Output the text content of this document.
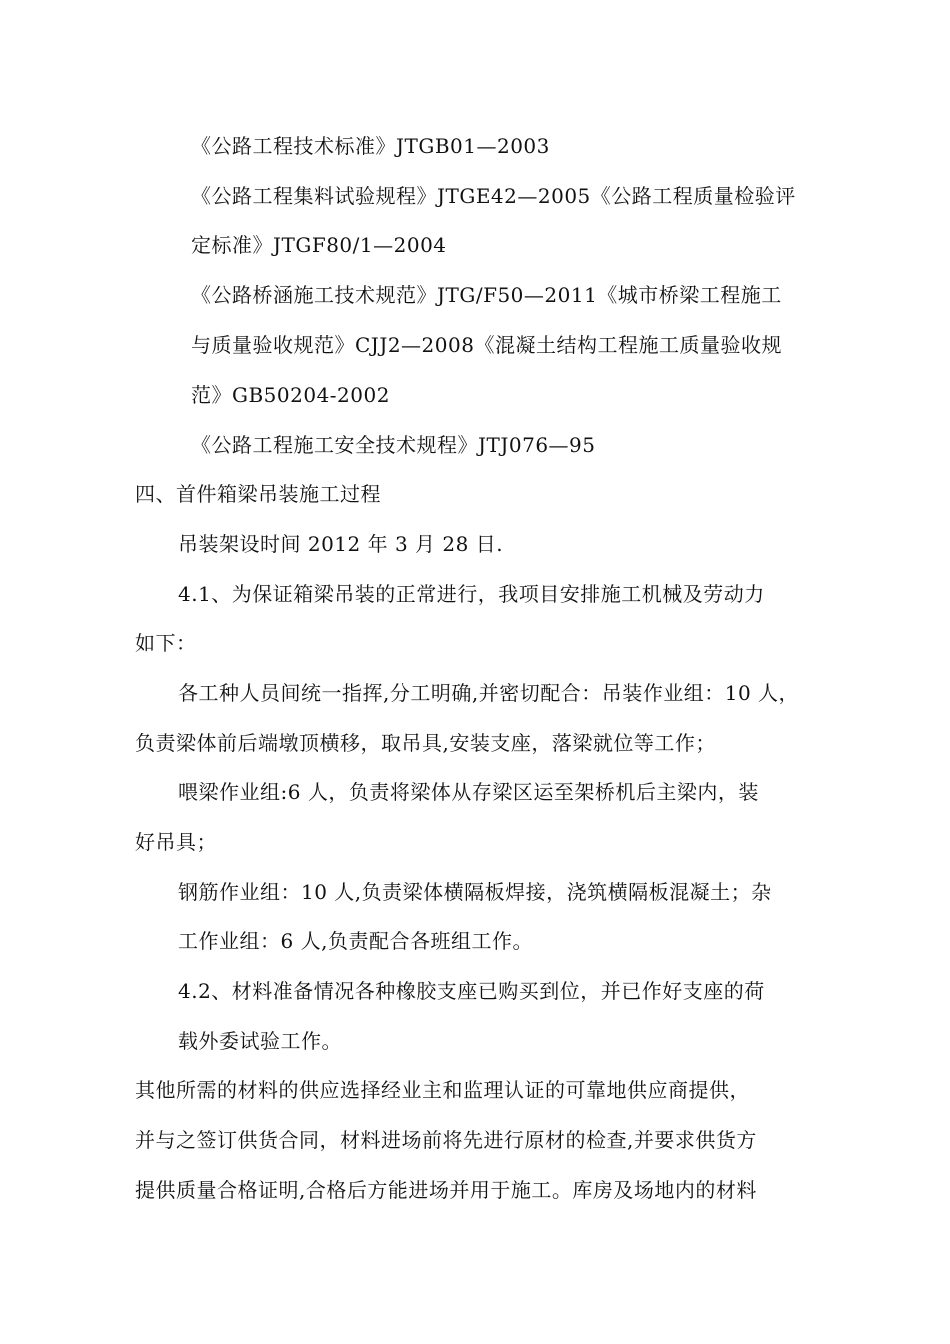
《公路工程技术标准》JTGB01—2003
《公路工程集料试验规程》JTGE42—2005《公路工程质量检验评
定标准》JTGF80/1—2004
《公路桥涵施工技术规范》JTG/F50—2011《城市桥梁工程施工
与质量验收规范》CJJ2—2008《混凝土结构工程施工质量验收规
范》GB50204-2002
《公路工程施工安全技术规程》JTJ076—95
四、首件箱梁吊装施工过程
吊装架设时间 2012 年 3 月 28 日.
4.1、为保证箱梁吊装的正常进行，我项目安排施工机械及劳动力
如下：
各工种人员间统一指挥,分工明确,并密切配合：吊装作业组：10 人，
负责梁体前后端墩顶横移，取吊具,安装支座，落梁就位等工作；
喂梁作业组:6 人，负责将梁体从存梁区运至架桥机后主梁内，装
好吊具；
钢筋作业组：10 人,负责梁体横隔板焊接，浇筑横隔板混凝土；杂
工作业组：6 人,负责配合各班组工作。
4.2、材料准备情况各种橡胶支座已购买到位，并已作好支座的荷
载外委试验工作。
其他所需的材料的供应选择经业主和监理认证的可靠地供应商提供，
并与之签订供货合同，材料进场前将先进行原材的检查,并要求供货方
提供质量合格证明,合格后方能进场并用于施工。库房及场地内的材料
